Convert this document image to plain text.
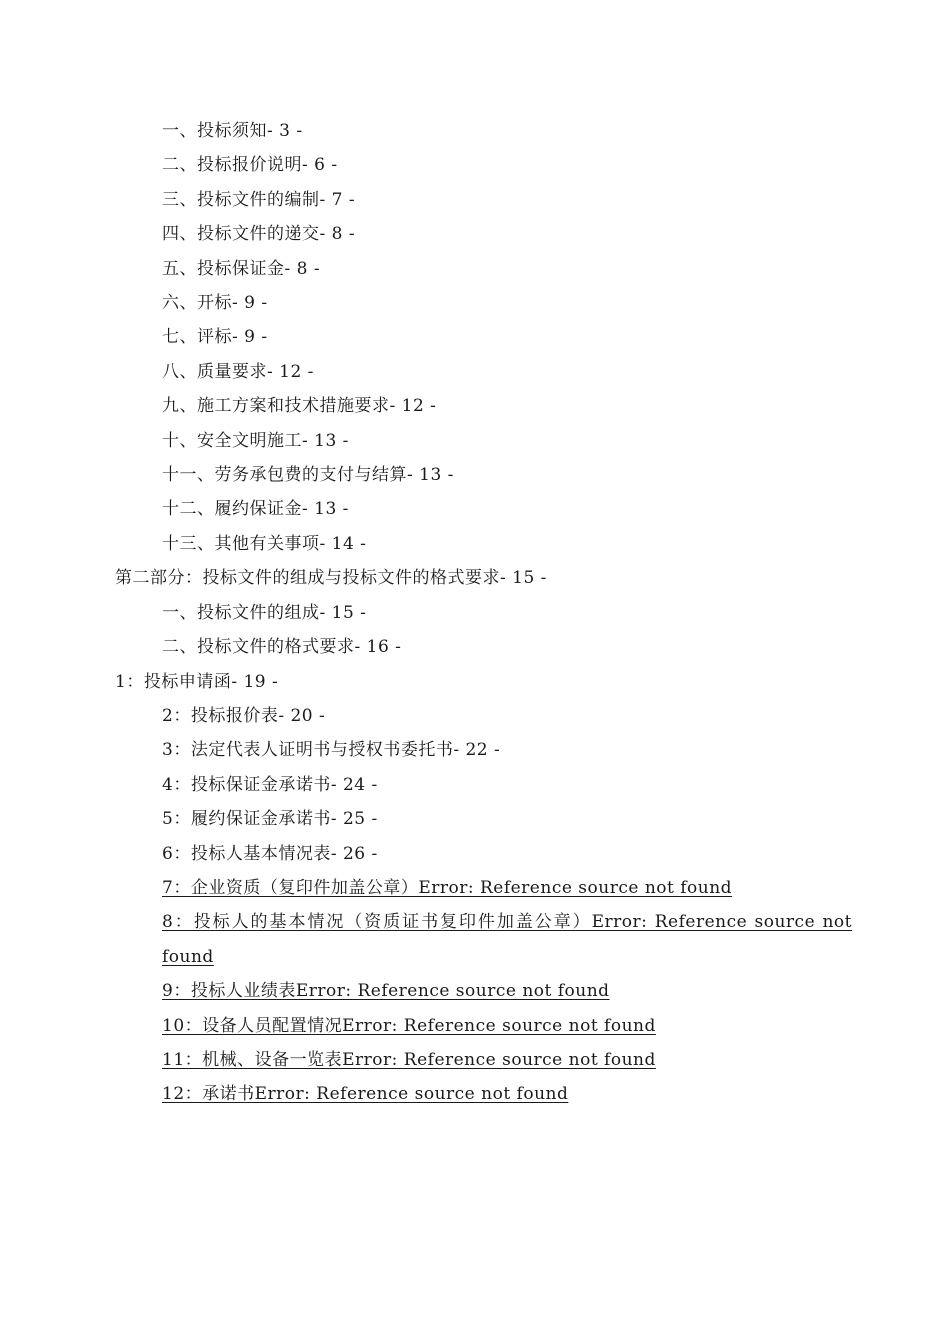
一、投标须知- 3 -
二、投标报价说明- 6 -
三、投标文件的编制- 7 -
四、投标文件的递交- 8 -
五、投标保证金- 8 -
六、开标- 9 -
七、评标- 9 -
八、质量要求- 12 -
九、施工方案和技术措施要求- 12 -
十、安全文明施工- 13 -
十一、劳务承包费的支付与结算- 13 -
十二、履约保证金- 13 -
十三、其他有关事项- 14 -
第二部分：投标文件的组成与投标文件的格式要求- 15 -
一、投标文件的组成- 15 -
二、投标文件的格式要求- 16 -
1：投标申请函- 19 -
2：投标报价表- 20 -
3：法定代表人证明书与授权书委托书- 22 -
4：投标保证金承诺书- 24 -
5：履约保证金承诺书- 25 -
6：投标人基本情况表- 26 -
7：企业资质（复印件加盖公章）Error: Reference source not found
8：投标人的基本情况（资质证书复印件加盖公章）Error: Reference source not found
9：投标人业绩表Error: Reference source not found
10：设备人员配置情况Error: Reference source not found
11：机械、设备一览表Error: Reference source not found
12：承诺书Error: Reference source not found
